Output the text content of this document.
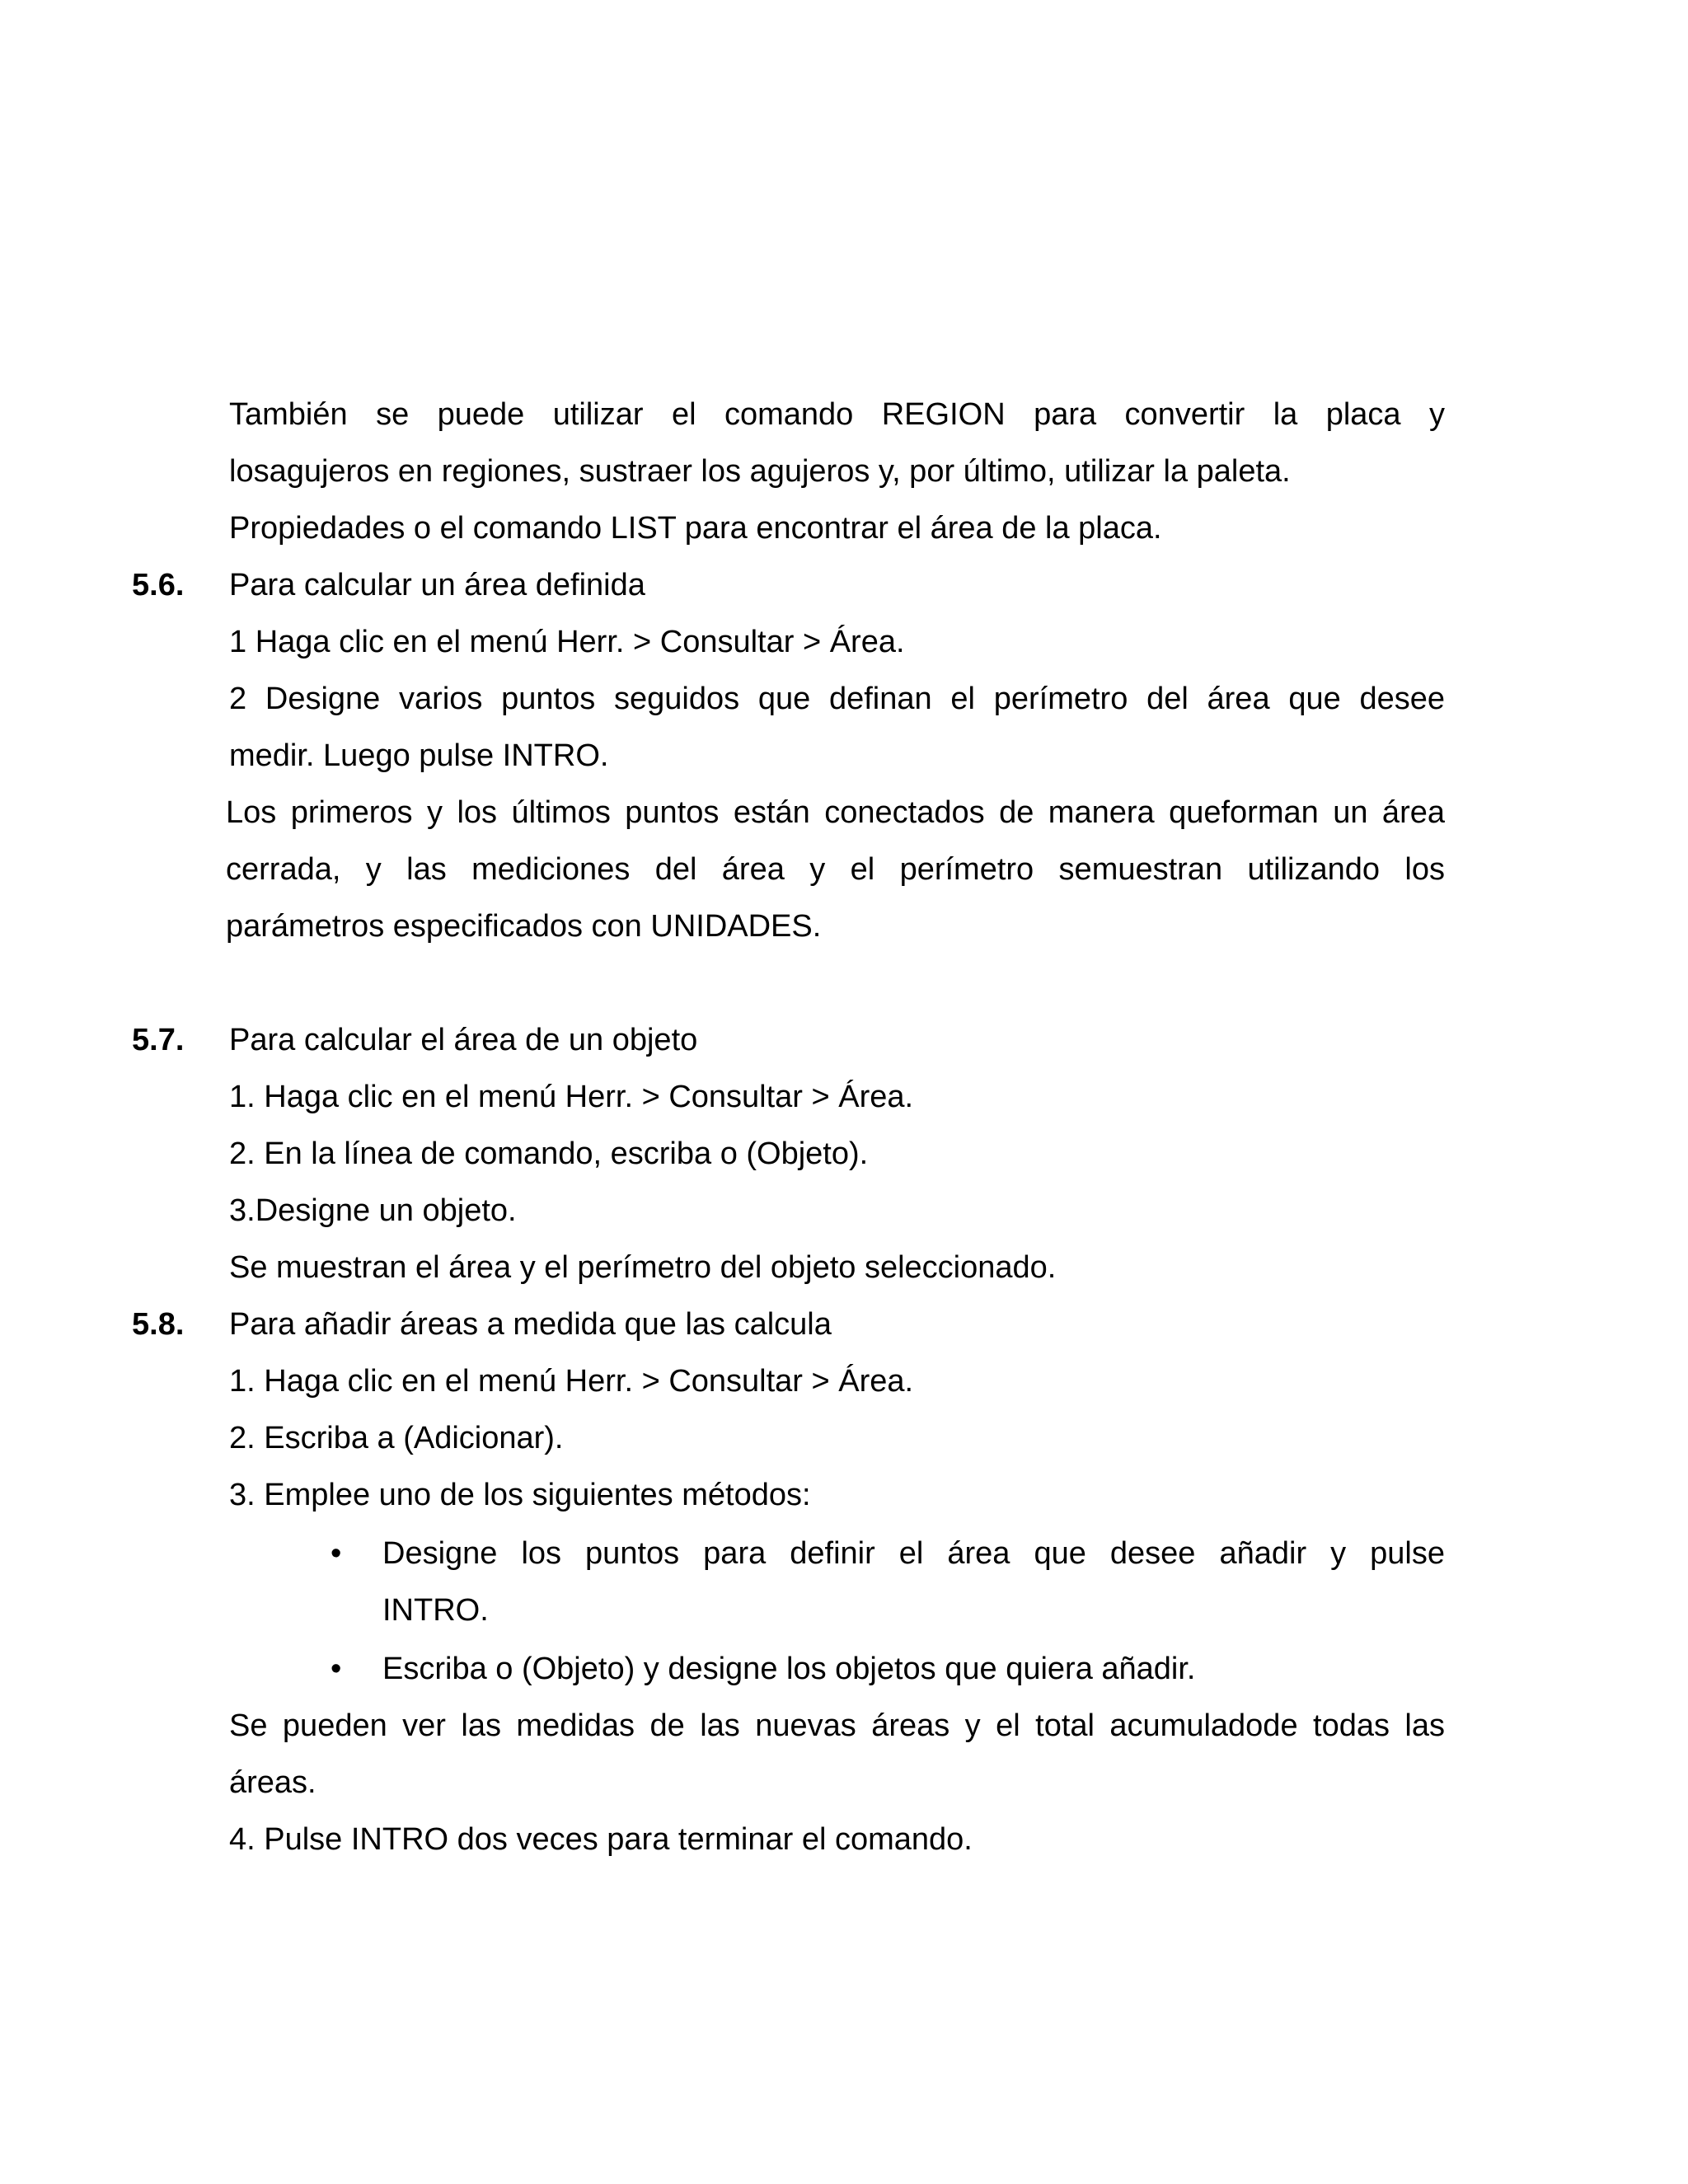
También se puede utilizar el comando REGION para convertir la placa y
losagujeros en regiones, sustraer los agujeros y, por último, utilizar la paleta.
Propiedades o el comando LIST para encontrar el área de la placa.
5.6. Para calcular un área definida
1 Haga clic en el menú Herr. > Consultar > Área.
2 Designe varios puntos seguidos que definan el perímetro del área que desee
medir. Luego pulse INTRO.
Los primeros y los últimos puntos están conectados de manera queforman un área
cerrada, y las mediciones del área y el perímetro semuestran utilizando los
parámetros especificados con UNIDADES.
5.7. Para calcular el área de un objeto
1. Haga clic en el menú Herr. > Consultar > Área.
2. En la línea de comando, escriba o (Objeto).
3.Designe un objeto.
Se muestran el área y el perímetro del objeto seleccionado.
5.8. Para añadir áreas a medida que las calcula
1. Haga clic en el menú Herr. > Consultar > Área.
2. Escriba a (Adicionar).
3. Emplee uno de los siguientes métodos:
• Designe los puntos para definir el área que desee añadir y pulse
INTRO.
• Escriba o (Objeto) y designe los objetos que quiera añadir.
Se pueden ver las medidas de las nuevas áreas y el total acumuladode todas las
áreas.
4. Pulse INTRO dos veces para terminar el comando.
